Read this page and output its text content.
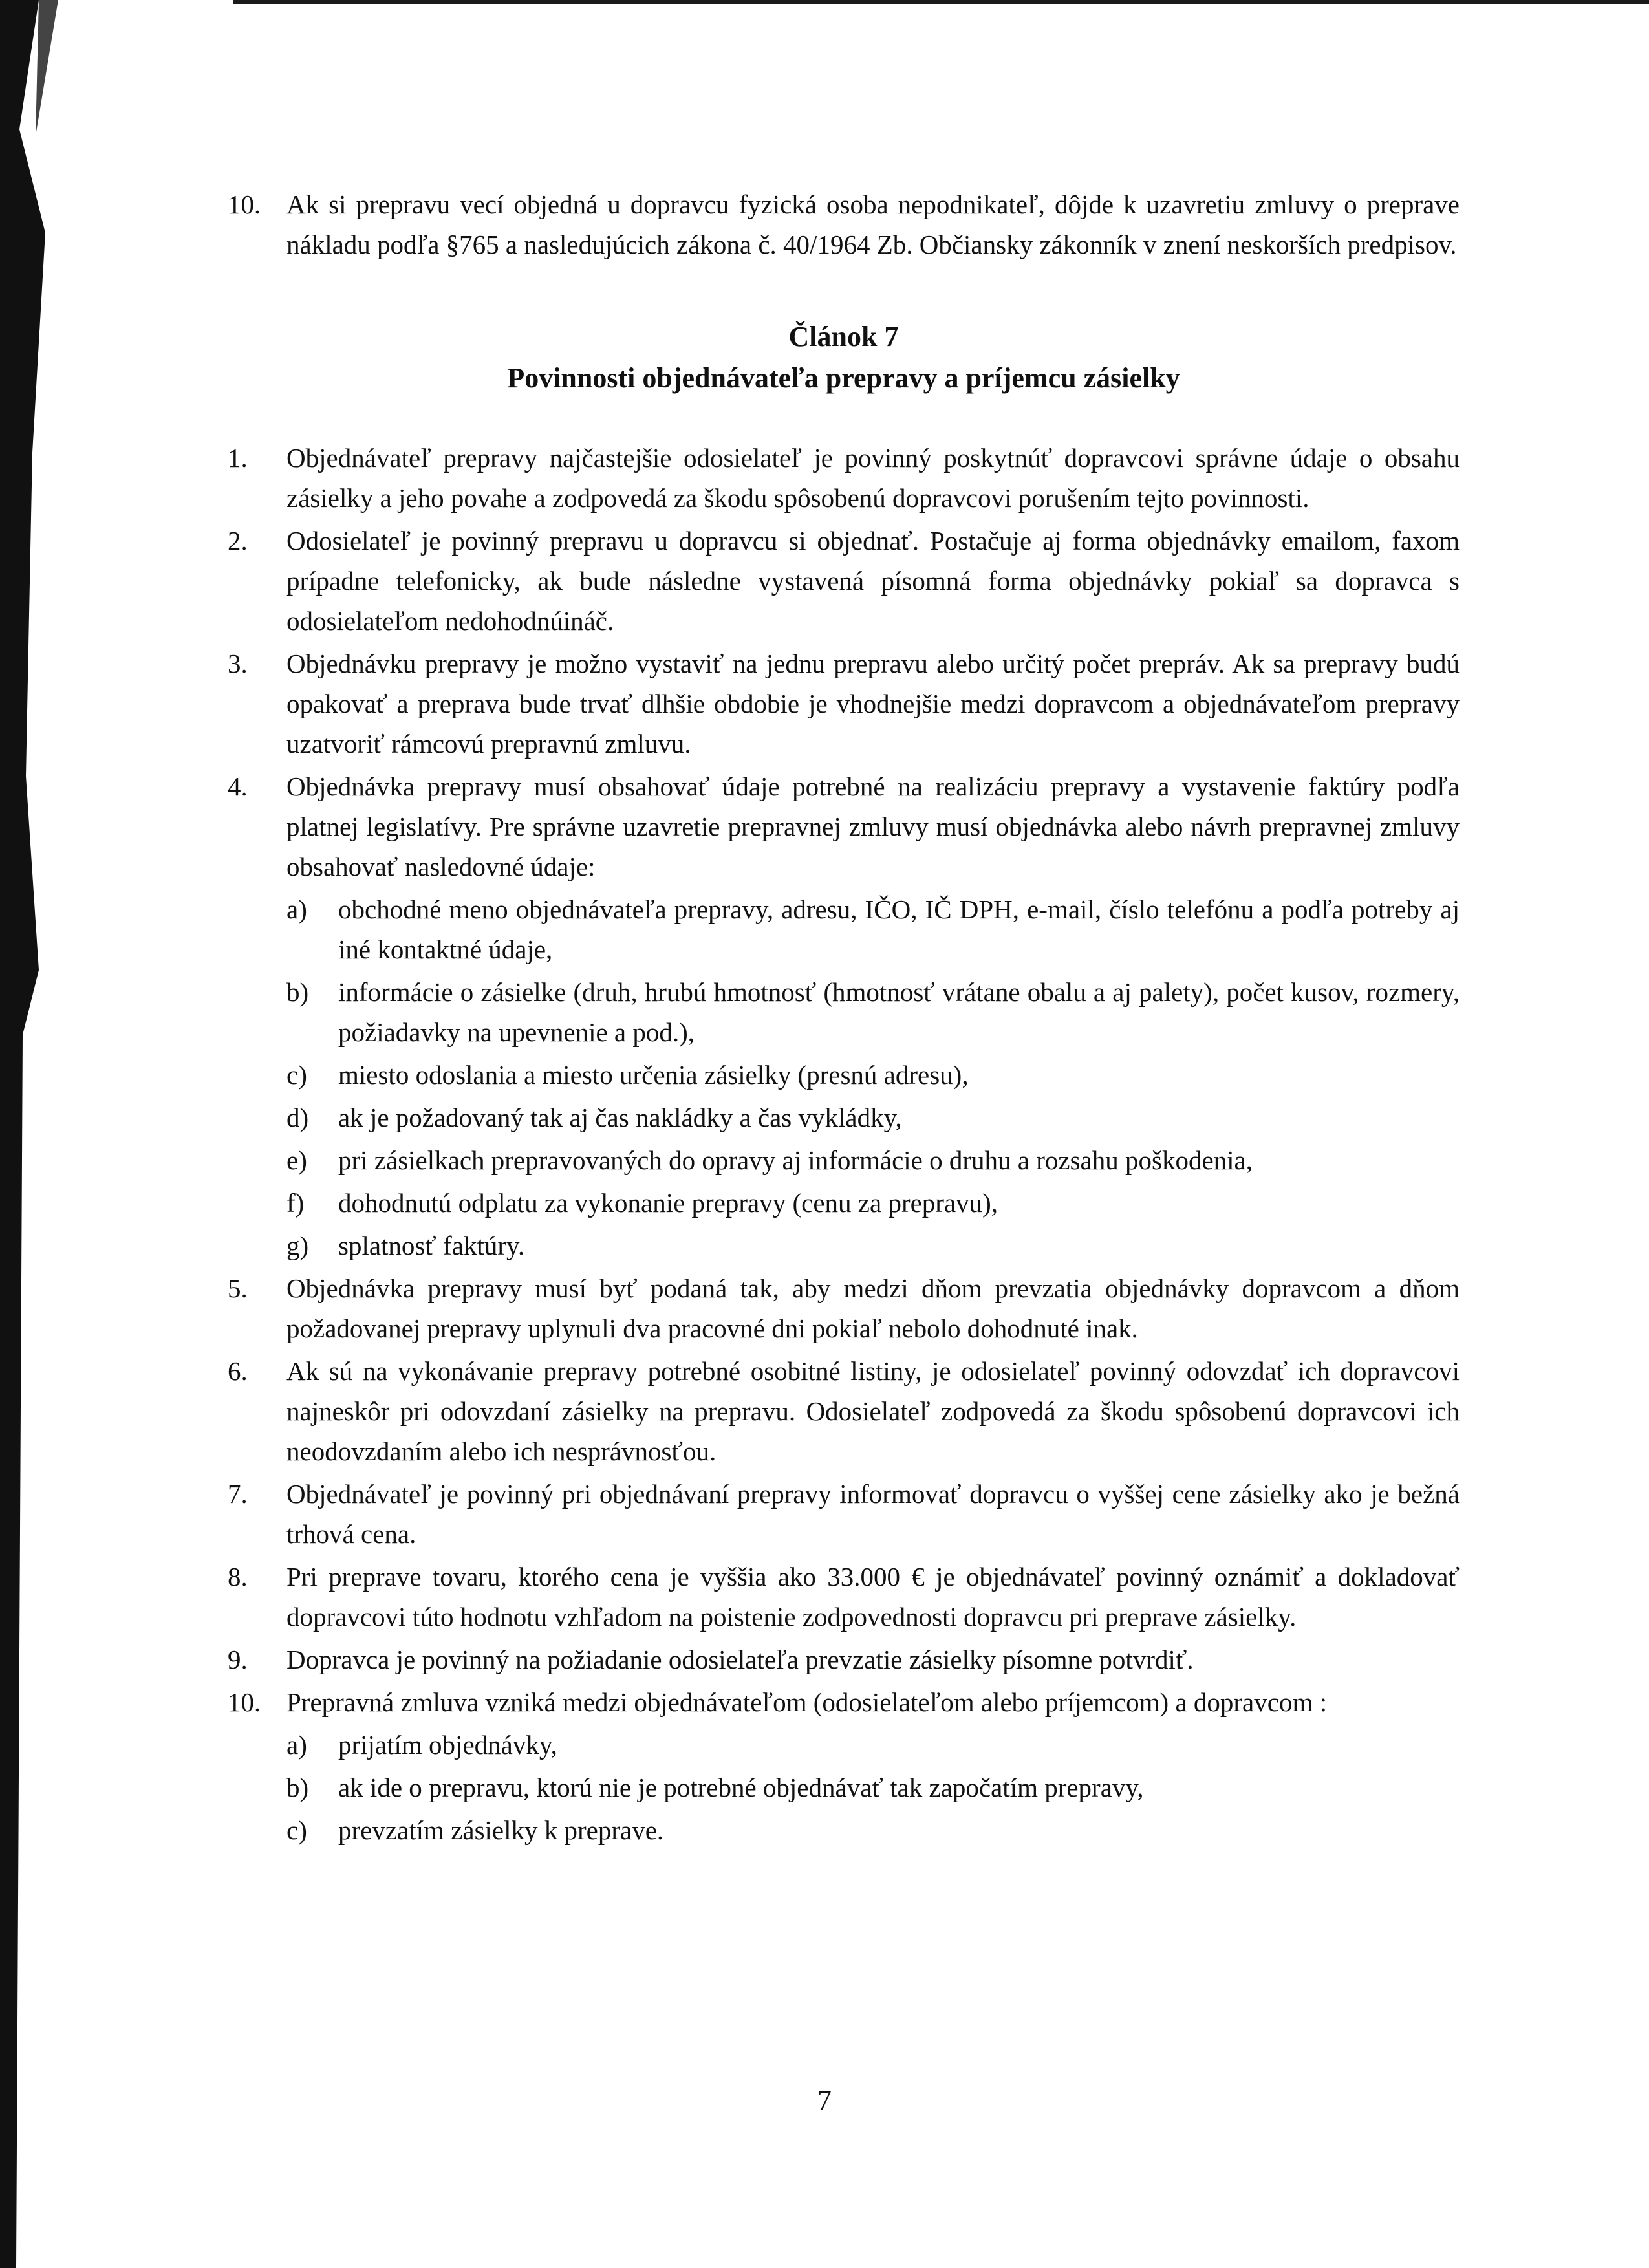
10. Ak si prepravu vecí objedná u dopravcu fyzická osoba nepodnikateľ, dôjde k uzavretiu zmluvy o preprave nákladu podľa §765 a nasledujúcich zákona č. 40/1964 Zb. Občiansky zákonník v znení neskorších predpisov.
Článok 7
Povinnosti objednávateľa prepravy a príjemcu zásielky
1. Objednávateľ prepravy najčastejšie odosielateľ je povinný poskytnúť dopravcovi správne údaje o obsahu zásielky a jeho povahe a zodpovedá za škodu spôsobenú dopravcovi porušením tejto povinnosti.
2. Odosielateľ je povinný prepravu u dopravcu si objednať. Postačuje aj forma objednávky emailom, faxom prípadne telefonicky, ak bude následne vystavená písomná forma objednávky pokiaľ sa dopravca s odosielateľom nedohodnúináč.
3. Objednávku prepravy je možno vystaviť na jednu prepravu alebo určitý počet prepráv. Ak sa prepravy budú opakovať a preprava bude trvať dlhšie obdobie je vhodnejšie medzi dopravcom a objednávateľom prepravy uzatvoriť rámcovú prepravnú zmluvu.
4. Objednávka prepravy musí obsahovať údaje potrebné na realizáciu prepravy a vystavenie faktúry podľa platnej legislatívy. Pre správne uzavretie prepravnej zmluvy musí objednávka alebo návrh prepravnej zmluvy obsahovať nasledovné údaje:
a) obchodné meno objednávateľa prepravy, adresu, IČO, IČ DPH, e-mail, číslo telefónu a podľa potreby aj iné kontaktné údaje,
b) informácie o zásielke (druh, hrubú hmotnosť (hmotnosť vrátane obalu a aj palety), počet kusov, rozmery, požiadavky na upevnenie a pod.),
c) miesto odoslania a miesto určenia zásielky (presnú adresu),
d) ak je požadovaný tak aj čas nakládky a čas vykládky,
e) pri zásielkach prepravovaných do opravy aj informácie o druhu a rozsahu poškodenia,
f) dohodnutú odplatu za vykonanie prepravy (cenu za prepravu),
g) splatnosť faktúry.
5. Objednávka prepravy musí byť podaná tak, aby medzi dňom prevzatia objednávky dopravcom a dňom požadovanej prepravy uplynuli dva pracovné dni pokiaľ nebolo dohodnuté inak.
6. Ak sú na vykonávanie prepravy potrebné osobitné listiny, je odosielateľ povinný odovzdať ich dopravcovi najneskôr pri odovzdaní zásielky na prepravu. Odosielateľ zodpovedá za škodu spôsobenú dopravcovi ich neodovzdaním alebo ich nesprávnosťou.
7. Objednávateľ je povinný pri objednávaní prepravy informovať dopravcu o vyššej cene zásielky ako je bežná trhová cena.
8. Pri preprave tovaru, ktorého cena je vyššia ako 33.000 € je objednávateľ povinný oznámiť a dokladovať dopravcovi túto hodnotu vzhľadom na poistenie zodpovednosti dopravcu pri preprave zásielky.
9. Dopravca je povinný na požiadanie odosielateľa prevzatie zásielky písomne potvrdiť.
10. Prepravná zmluva vzniká medzi objednávateľom (odosielateľom alebo príjemcom) a dopravcom :
a) prijatím objednávky,
b) ak ide o prepravu, ktorú nie je potrebné objednávať tak započatím prepravy,
c) prevzatím zásielky k preprave.
7
